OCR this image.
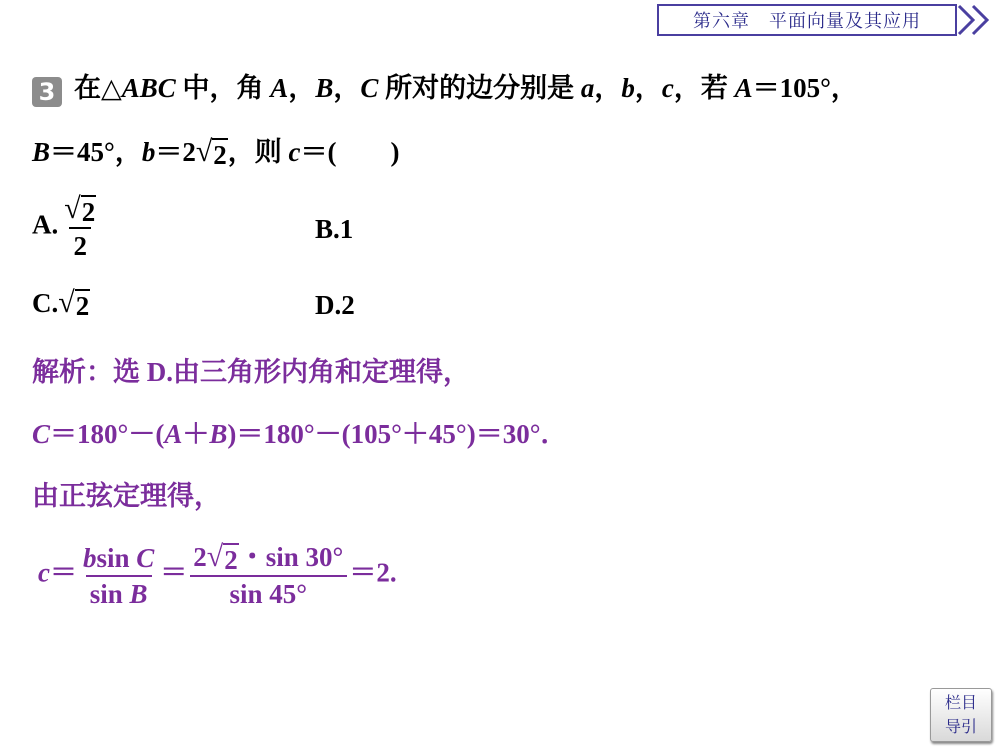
第六章　平面向量及其应用
3 在△ABC 中，角 A，B，C 所对的边分别是 a，b，c，若 A＝105°，
B＝45°，b＝2 √ 2 ，则 c＝(　　)
A. $\frac{√ 2}{2}$	B.1
C. √ 2	D.2
解析：选 D.由三角形内角和定理得，
C＝180°－(A＋B)＝180°－(105°＋45°)＝30°．
由正弦定理得，
$c= \frac{\text{bsin C}}{\text{sin B}} = \frac{2 √ 2 ・\sin 30^\circ}{\sin 45^\circ} =2$.
栏目
导引
